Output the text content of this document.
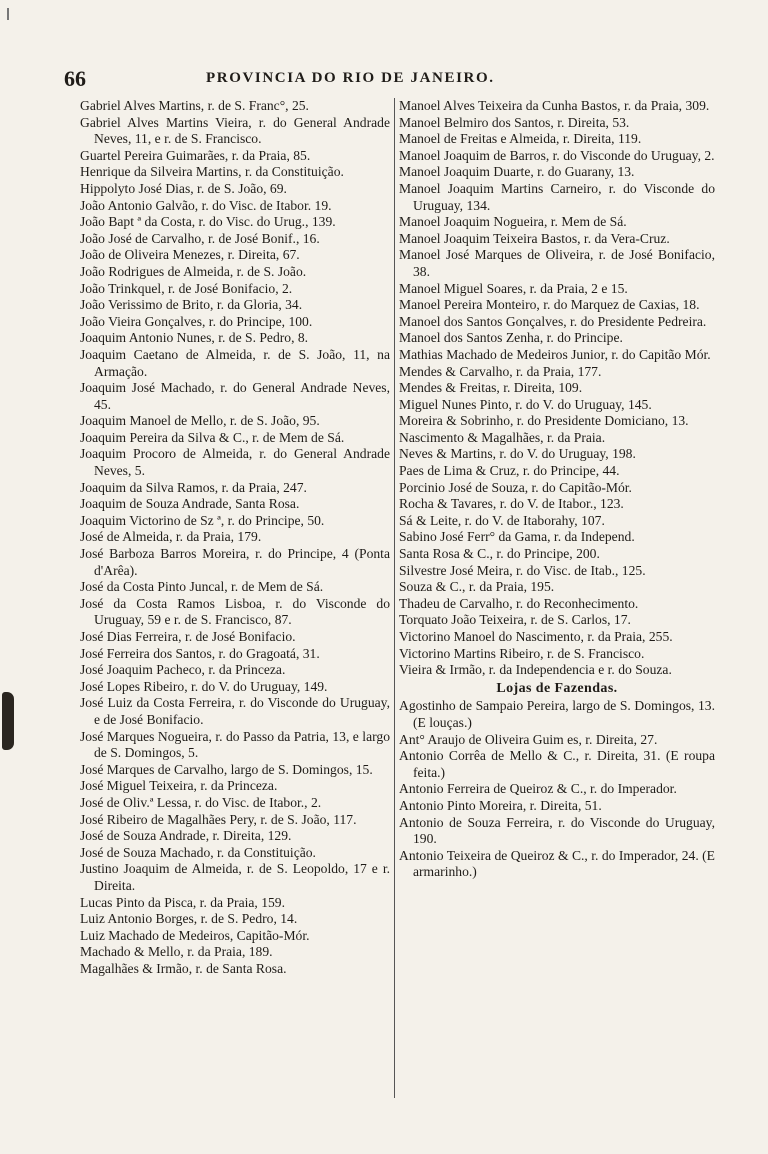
66	PROVINCIA DO RIO DE JANEIRO.

Gabriel Alves Martins, r. de S. Franc°, 25.

Gabriel Alves Martins Vieira, r. do General Andrade Neves, 11, e r. de S. Francisco.

Guartel Pereira Guimarães, r. da Praia, 85.

Henrique da Silveira Martins, r. da Constituição.

Hippolyto José Dias, r. de S. João, 69.

João Antonio Galvão, r. do Visc. de Itabor. 19.

João Bapt ª da Costa, r. do Visc. do Urug., 139.

João José de Carvalho, r. de José Bonif., 16.

João de Oliveira Menezes, r. Direita, 67.

João Rodrigues de Almeida, r. de S. João.

João Trinkquel, r. de José Bonifacio, 2.

João Verissimo de Brito, r. da Gloria, 34.

João Vieira Gonçalves, r. do Principe, 100.

Joaquim Antonio Nunes, r. de S. Pedro, 8.

Joaquim Caetano de Almeida, r. de S. João, 11, na Armação.

Joaquim José Machado, r. do General Andrade Neves, 45.

Joaquim Manoel de Mello, r. de S. João, 95.

Joaquim Pereira da Silva & C., r. de Mem de Sá.

Joaquim Procoro de Almeida, r. do General Andrade Neves, 5.

Joaquim da Silva Ramos, r. da Praia, 247.

Joaquim de Souza Andrade, Santa Rosa.

Joaquim Victorino de Sz ª, r. do Principe, 50.

José de Almeida, r. da Praia, 179.

José Barboza Barros Moreira, r. do Principe, 4 (Ponta d'Arêa).

José da Costa Pinto Juncal, r. de Mem de Sá.

José da Costa Ramos Lisboa, r. do Visconde do Uruguay, 59 e r. de S. Francisco, 87.

José Dias Ferreira, r. de José Bonifacio.

José Ferreira dos Santos, r. do Gragoatá, 31.

José Joaquim Pacheco, r. da Princeza.

José Lopes Ribeiro, r. do V. do Uruguay, 149.

José Luiz da Costa Ferreira, r. do Visconde do Uruguay, e de José Bonifacio.

José Marques Nogueira, r. do Passo da Patria, 13, e largo de S. Domingos, 5.

José Marques de Carvalho, largo de S. Domingos, 15.

José Miguel Teixeira, r. da Princeza.

José de Oliv.ª Lessa, r. do Visc. de Itabor., 2.

José Ribeiro de Magalhães Pery, r. de S. João, 117.

José de Souza Andrade, r. Direita, 129.

José de Souza Machado, r. da Constituição.

Justino Joaquim de Almeida, r. de S. Leopoldo, 17 e r. Direita.

Lucas Pinto da Pisca, r. da Praia, 159.

Luiz Antonio Borges, r. de S. Pedro, 14.

Luiz Machado de Medeiros, Capitão-Mór.

Machado & Mello, r. da Praia, 189.

Magalhães & Irmão, r. de Santa Rosa.

Manoel Alves Teixeira da Cunha Bastos, r. da Praia, 309.

Manoel Belmiro dos Santos, r. Direita, 53.

Manoel de Freitas e Almeida, r. Direita, 119.

Manoel Joaquim de Barros, r. do Visconde do Uruguay, 2.

Manoel Joaquim Duarte, r. do Guarany, 13.

Manoel Joaquim Martins Carneiro, r. do Visconde do Uruguay, 134.

Manoel Joaquim Nogueira, r. Mem de Sá.

Manoel Joaquim Teixeira Bastos, r. da Vera-Cruz.

Manoel José Marques de Oliveira, r. de José Bonifacio, 38.

Manoel Miguel Soares, r. da Praia, 2 e 15.

Manoel Pereira Monteiro, r. do Marquez de Caxias, 18.

Manoel dos Santos Gonçalves, r. do Presidente Pedreira.

Manoel dos Santos Zenha, r. do Principe.

Mathias Machado de Medeiros Junior, r. do Capitão Mór.

Mendes & Carvalho, r. da Praia, 177.

Mendes & Freitas, r. Direita, 109.

Miguel Nunes Pinto, r. do V. do Uruguay, 145.

Moreira & Sobrinho, r. do Presidente Domiciano, 13.

Nascimento & Magalhães, r. da Praia.

Neves & Martins, r. do V. do Uruguay, 198.

Paes de Lima & Cruz, r. do Principe, 44.

Porcinio José de Souza, r. do Capitão-Mór.

Rocha & Tavares, r. do V. de Itabor., 123.

Sá & Leite, r. do V. de Itaborahy, 107.

Sabino José Ferr° da Gama, r. da Independ.

Santa Rosa & C., r. do Principe, 200.

Silvestre José Meira, r. do Visc. de Itab., 125.

Souza & C., r. da Praia, 195.

Thadeu de Carvalho, r. do Reconhecimento.

Torquato João Teixeira, r. de S. Carlos, 17.

Victorino Manoel do Nascimento, r. da Praia, 255.

Victorino Martins Ribeiro, r. de S. Francisco.

Vieira & Irmão, r. da Independencia e r. do Souza.

Lojas de Fazendas.

Agostinho de Sampaio Pereira, largo de S. Domingos, 13. (E louças.)

Ant° Araujo de Oliveira Guim es, r. Direita, 27.

Antonio Corrêa de Mello & C., r. Direita, 31. (E roupa feita.)

Antonio Ferreira de Queiroz & C., r. do Imperador.

Antonio Pinto Moreira, r. Direita, 51.

Antonio de Souza Ferreira, r. do Visconde do Uruguay, 190.

Antonio Teixeira de Queiroz & C., r. do Imperador, 24. (E armarinho.)
